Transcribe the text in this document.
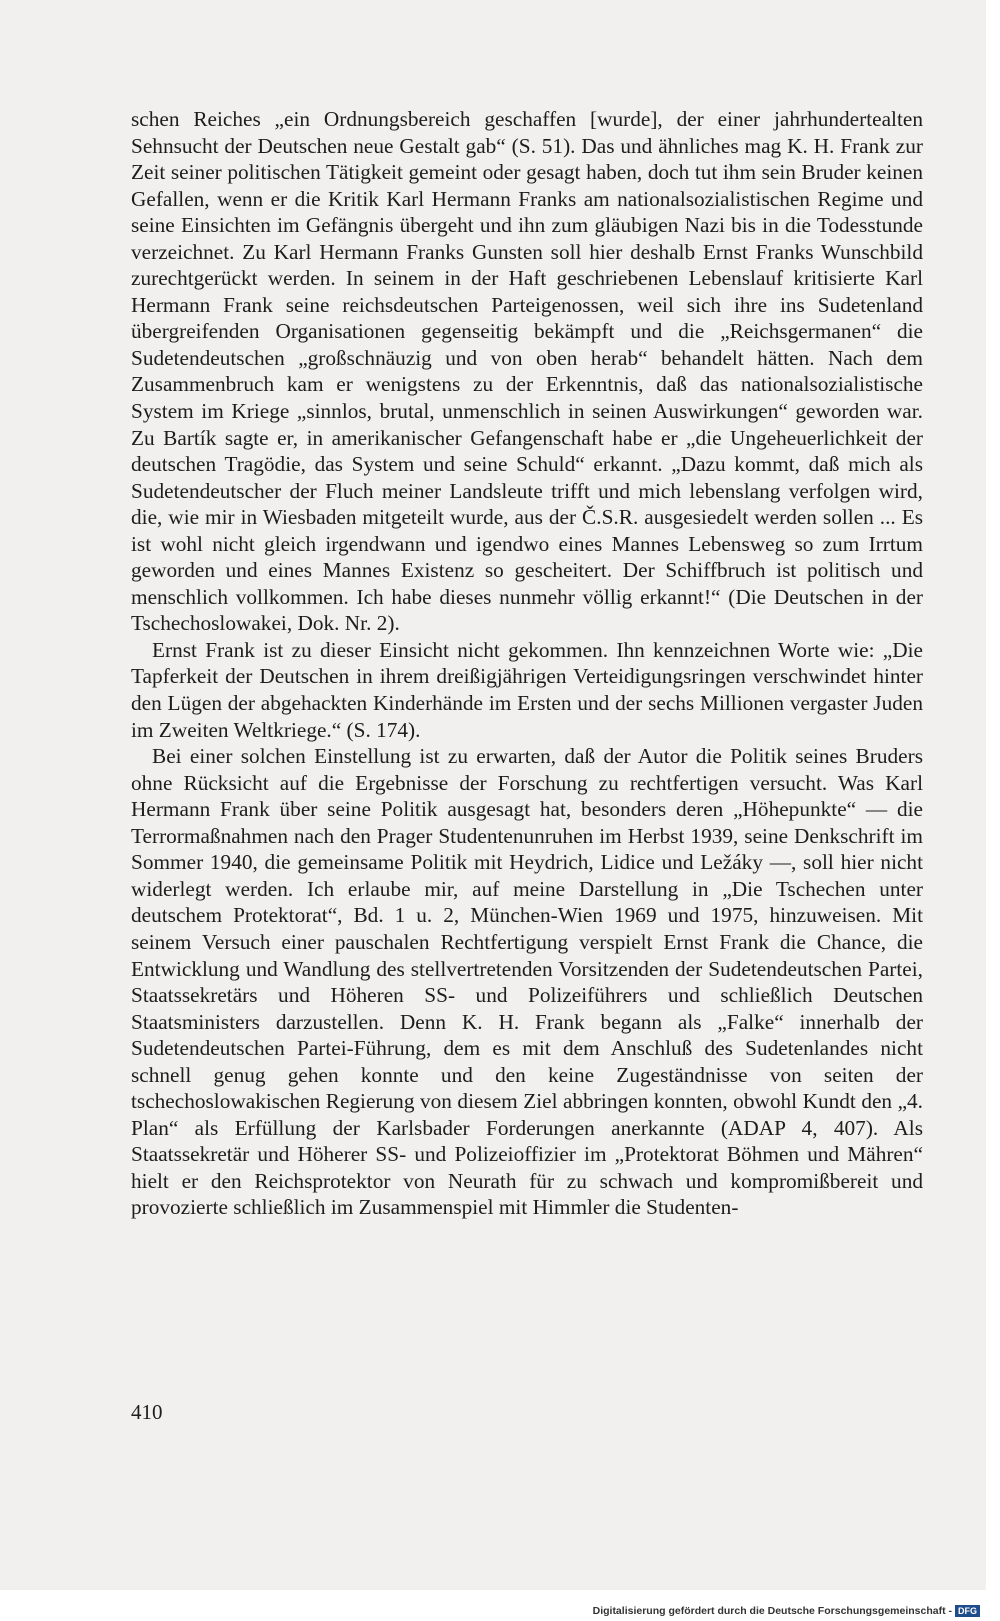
schen Reiches „ein Ordnungsbereich geschaffen [wurde], der einer jahrhundertealten Sehnsucht der Deutschen neue Gestalt gab“ (S. 51). Das und ähnliches mag K. H. Frank zur Zeit seiner politischen Tätigkeit gemeint oder gesagt haben, doch tut ihm sein Bruder keinen Gefallen, wenn er die Kritik Karl Hermann Franks am nationalsozialistischen Regime und seine Einsichten im Gefängnis übergeht und ihn zum gläubigen Nazi bis in die Todesstunde verzeichnet. Zu Karl Hermann Franks Gunsten soll hier deshalb Ernst Franks Wunschbild zurechtgerückt werden. In seinem in der Haft geschriebenen Lebenslauf kritisierte Karl Hermann Frank seine reichsdeutschen Parteigenossen, weil sich ihre ins Sudetenland übergreifenden Organisationen gegenseitig bekämpft und die „Reichsgermanen“ die Sudetendeutschen „großschnäuzig und von oben herab“ behandelt hätten. Nach dem Zusammenbruch kam er wenigstens zu der Erkenntnis, daß das nationalsozialistische System im Kriege „sinnlos, brutal, unmenschlich in seinen Auswirkungen“ geworden war. Zu Bartík sagte er, in amerikanischer Gefangenschaft habe er „die Ungeheuerlichkeit der deutschen Tragödie, das System und seine Schuld“ erkannt. „Dazu kommt, daß mich als Sudetendeutscher der Fluch meiner Landsleute trifft und mich lebenslang verfolgen wird, die, wie mir in Wiesbaden mitgeteilt wurde, aus der Č.S.R. ausgesiedelt werden sollen ... Es ist wohl nicht gleich irgendwann und igendwo eines Mannes Lebensweg so zum Irrtum geworden und eines Mannes Existenz so gescheitert. Der Schiffbruch ist politisch und menschlich vollkommen. Ich habe dieses nunmehr völlig erkannt!“ (Die Deutschen in der Tschechoslowakei, Dok. Nr. 2).

Ernst Frank ist zu dieser Einsicht nicht gekommen. Ihn kennzeichnen Worte wie: „Die Tapferkeit der Deutschen in ihrem dreißigjährigen Verteidigungsringen verschwindet hinter den Lügen der abgehackten Kinderhände im Ersten und der sechs Millionen vergaster Juden im Zweiten Weltkriege.“ (S. 174).

Bei einer solchen Einstellung ist zu erwarten, daß der Autor die Politik seines Bruders ohne Rücksicht auf die Ergebnisse der Forschung zu rechtfertigen versucht. Was Karl Hermann Frank über seine Politik ausgesagt hat, besonders deren „Höhepunkte“ — die Terrormaßnahmen nach den Prager Studentenunruhen im Herbst 1939, seine Denkschrift im Sommer 1940, die gemeinsame Politik mit Heydrich, Lidice und Ležáky —, soll hier nicht widerlegt werden. Ich erlaube mir, auf meine Darstellung in „Die Tschechen unter deutschem Protektorat“, Bd. 1 u. 2, München-Wien 1969 und 1975, hinzuweisen. Mit seinem Versuch einer pauschalen Rechtfertigung verspielt Ernst Frank die Chance, die Entwicklung und Wandlung des stellvertretenden Vorsitzenden der Sudetendeutschen Partei, Staatssekretärs und Höheren SS- und Polizeiführers und schließlich Deutschen Staatsministers darzustellen. Denn K. H. Frank begann als „Falke“ innerhalb der Sudetendeutschen Partei-Führung, dem es mit dem Anschluß des Sudetenlandes nicht schnell genug gehen konnte und den keine Zugeständnisse von seiten der tschechoslowakischen Regierung von diesem Ziel abbringen konnten, obwohl Kundt den „4. Plan“ als Erfüllung der Karlsbader Forderungen anerkannte (ADAP 4, 407). Als Staatssekretär und Höherer SS- und Polizeioffizier im „Protektorat Böhmen und Mähren“ hielt er den Reichsprotektor von Neurath für zu schwach und kompromißbereit und provozierte schließlich im Zusammenspiel mit Himmler die Studenten-

410
Digitalisierung gefördert durch die Deutsche Forschungsgemeinschaft - DFG
